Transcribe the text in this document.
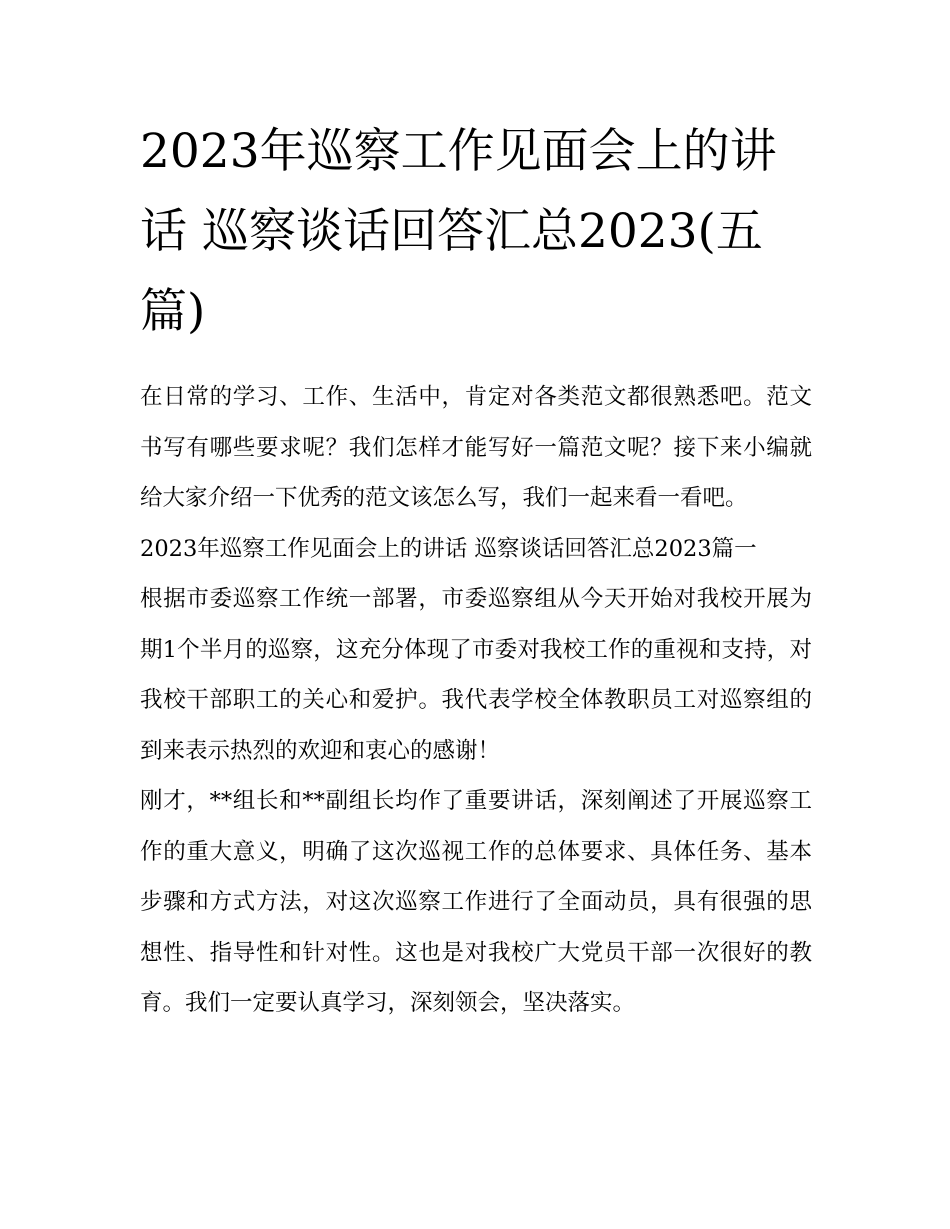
2023年巡察工作见面会上的讲话 巡察谈话回答汇总2023(五篇)

在日常的学习、工作、生活中，肯定对各类范文都很熟悉吧。范文书写有哪些要求呢？我们怎样才能写好一篇范文呢？接下来小编就给大家介绍一下优秀的范文该怎么写，我们一起来看一看吧。

2023年巡察工作见面会上的讲话 巡察谈话回答汇总2023篇一

根据市委巡察工作统一部署，市委巡察组从今天开始对我校开展为期1个半月的巡察，这充分体现了市委对我校工作的重视和支持，对我校干部职工的关心和爱护。我代表学校全体教职员工对巡察组的到来表示热烈的欢迎和衷心的感谢！

刚才，**组长和**副组长均作了重要讲话，深刻阐述了开展巡察工作的重大意义，明确了这次巡视工作的总体要求、具体任务、基本步骤和方式方法，对这次巡察工作进行了全面动员，具有很强的思想性、指导性和针对性。这也是对我校广大党员干部一次很好的教育。我们一定要认真学习，深刻领会，坚决落实。
